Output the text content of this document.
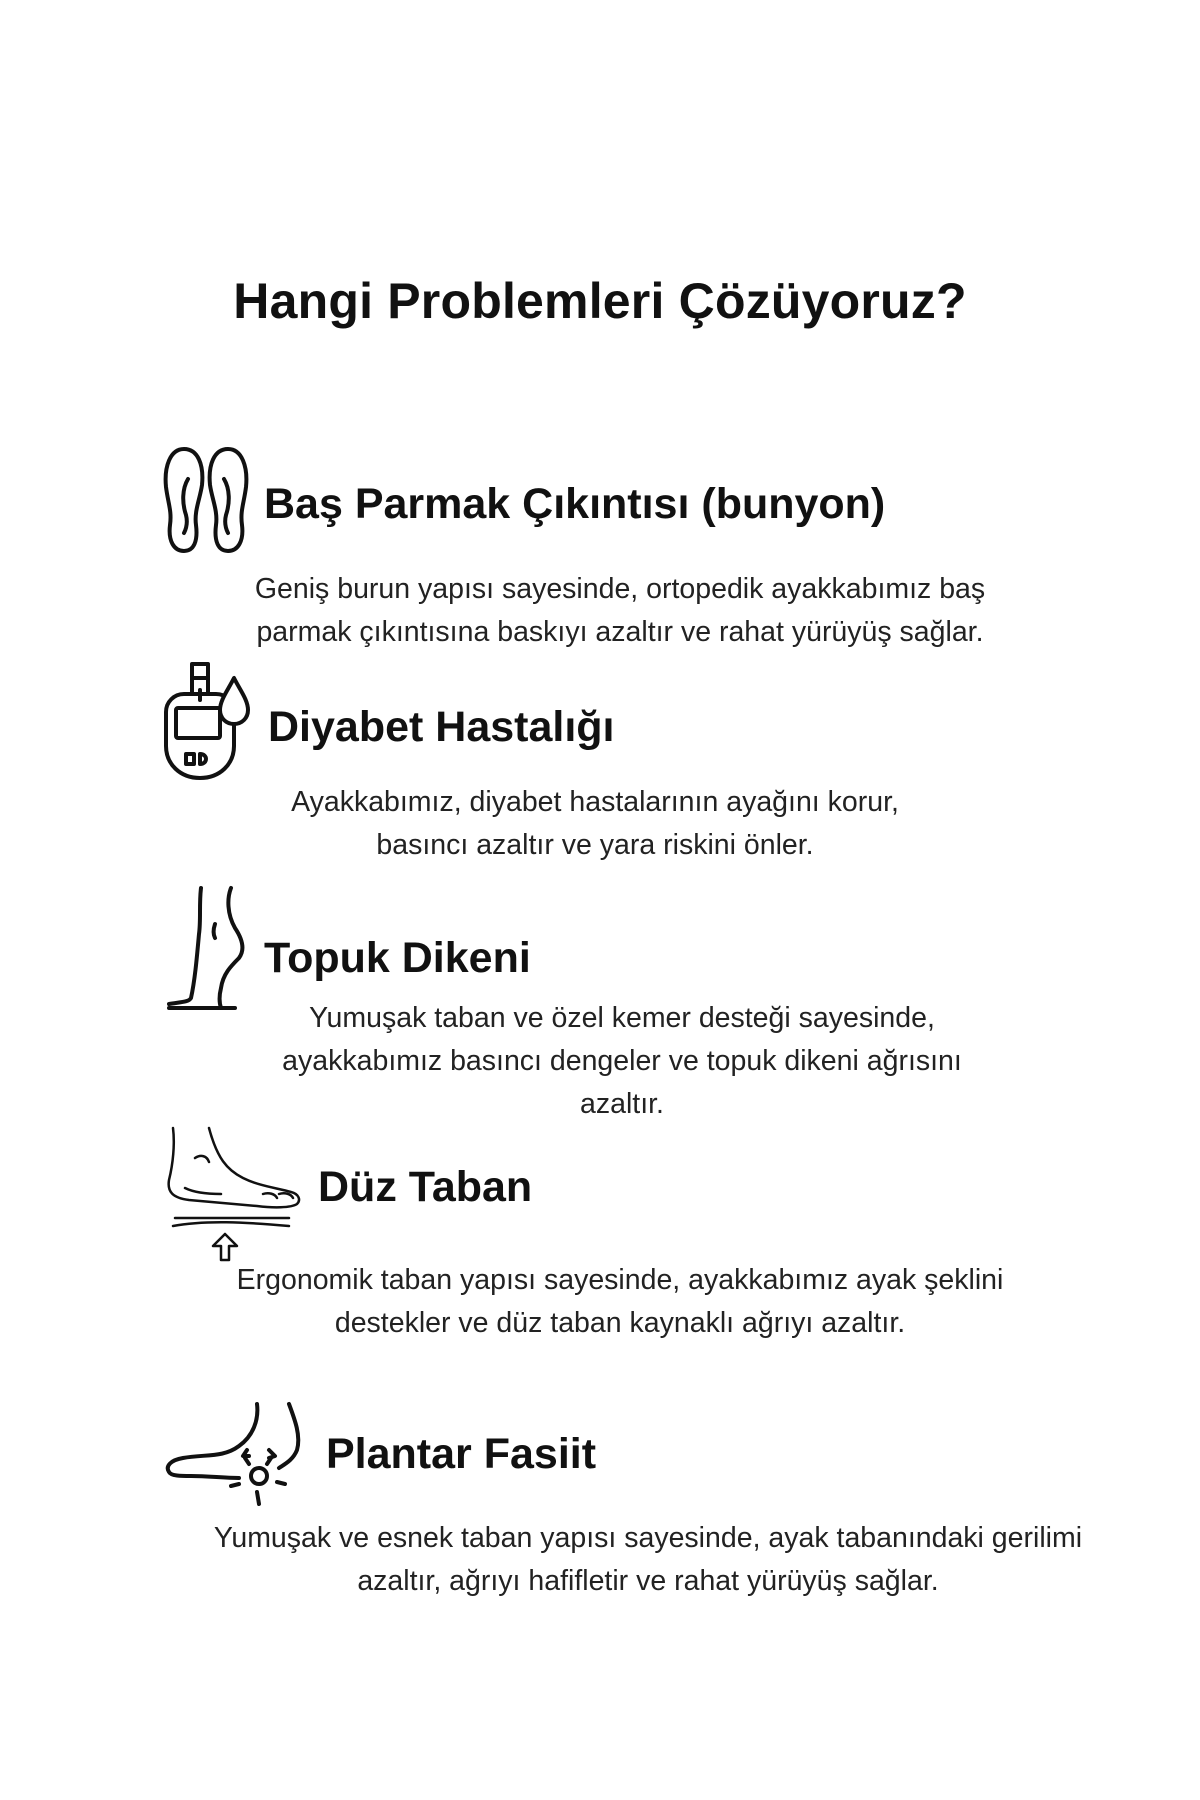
Hangi Problemleri Çözüyoruz?
Baş Parmak Çıkıntısı (bunyon)
Geniş burun yapısı sayesinde, ortopedik ayakkabımız baş parmak çıkıntısına baskıyı azaltır ve rahat yürüyüş sağlar.
Diyabet Hastalığı
Ayakkabımız, diyabet hastalarının ayağını korur, basıncı azaltır ve yara riskini önler.
Topuk Dikeni
Yumuşak taban ve özel kemer desteği sayesinde, ayakkabımız basıncı dengeler ve topuk dikeni ağrısını azaltır.
Düz Taban
Ergonomik taban yapısı sayesinde, ayakkabımız ayak şeklini destekler ve düz taban kaynaklı ağrıyı azaltır.
Plantar Fasiit
Yumuşak ve esnek taban yapısı sayesinde, ayak tabanındaki gerilimi azaltır, ağrıyı hafifletir ve rahat yürüyüş sağlar.
